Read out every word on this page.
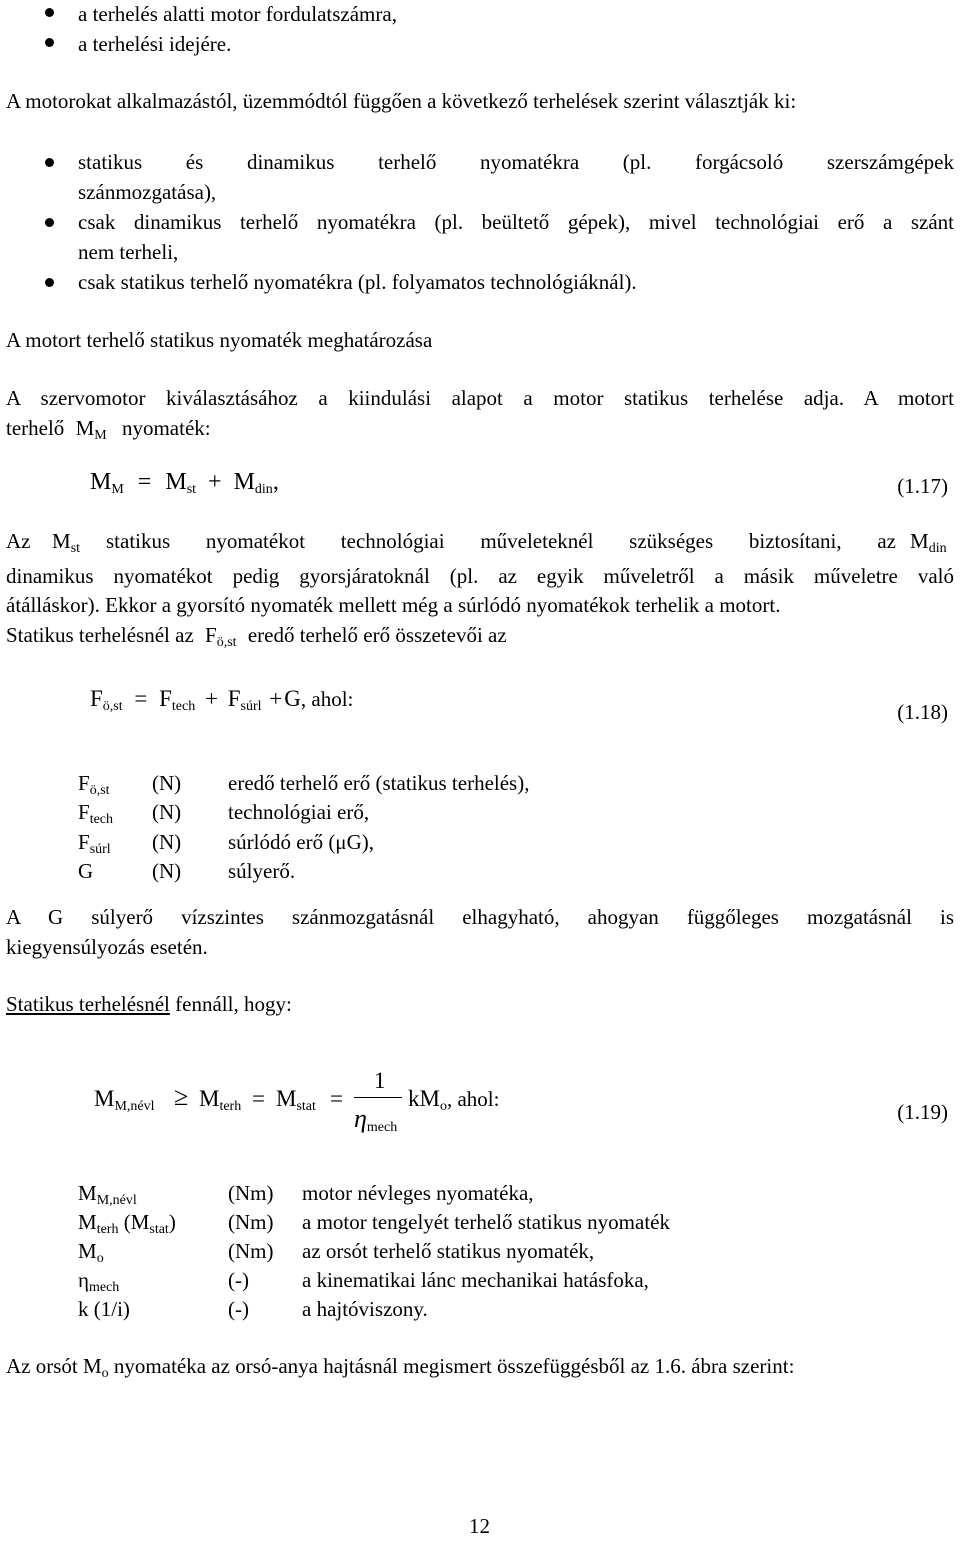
a terhelés alatti motor fordulatszámra,
a terhelési idejére.
A motorokat alkalmazástól, üzemmódtól függően a következő terhelések szerint választják ki:
statikus és dinamikus terhelő nyomatékra (pl. forgácsoló szerszámgépek
szánmozgatása),
csak dinamikus terhelő nyomatékra (pl. beültető gépek), mivel technológiai erő a szánt
nem terheli,
csak statikus terhelő nyomatékra (pl. folyamatos technológiáknál).
A motort terhelő statikus nyomaték meghatározása
A szervomotor kiválasztásához a kiindulási alapot a motor statikus terhelése adja. A motort
terhelő $M_M$ nyomaték:
$M_M = M_{st} + M_{din}$,	(1.17)
Az $M_{st}$ statikus nyomatékot technológiai műveleteknél szükséges biztosítani, az $M_{din}$
dinamikus nyomatékot pedig gyorsjáratoknál (pl. az egyik műveletről a másik műveletre való
átálláskor). Ekkor a gyorsító nyomaték mellett még a súrlódó nyomatékok terhelik a motort.
Statikus terhelésnél az $F_{ö,st}$ eredő terhelő erő összetevői az
$F_{ö,st} = F_{tech} + F_{súrl} +G$, ahol:
(1.18)
$F_{ö,st}$ (N) eredő terhelő erő (statikus terhelés),
$F_{tech}$ (N) technológiai erő,
$F_{súrl}$ (N) súrlódó erő (μG),
G	(N) súlyerő.
A G súlyerő vízszintes szánmozgatásnál elhagyható, ahogyan függőleges mozgatásnál is
kiegyensúlyozás esetén.
Statikus terhelésnél fennáll, hogy:
$M_{M,névl} \ge M_{terh} = M_{stat}$ =
1
$\eta_{mech}$
$kM_o$, ahol:
(1.19)
$M_{M,névl}$	(Nm) motor névleges nyomatéka,
$M_{terh}$ $(M_{stat})$ (Nm) a motor tengelyét terhelő statikus nyomaték
$M_o$	(Nm) az orsót terhelő statikus nyomaték,
$\eta_{mech}$	(-)	a kinematikai lánc mechanikai hatásfoka,
k (1/i)	(-)	a hajtóviszony.
Az orsót $M_o$ nyomatéka az orsó-anya hajtásnál megismert összefüggésből az 1.6. ábra szerint:
12
